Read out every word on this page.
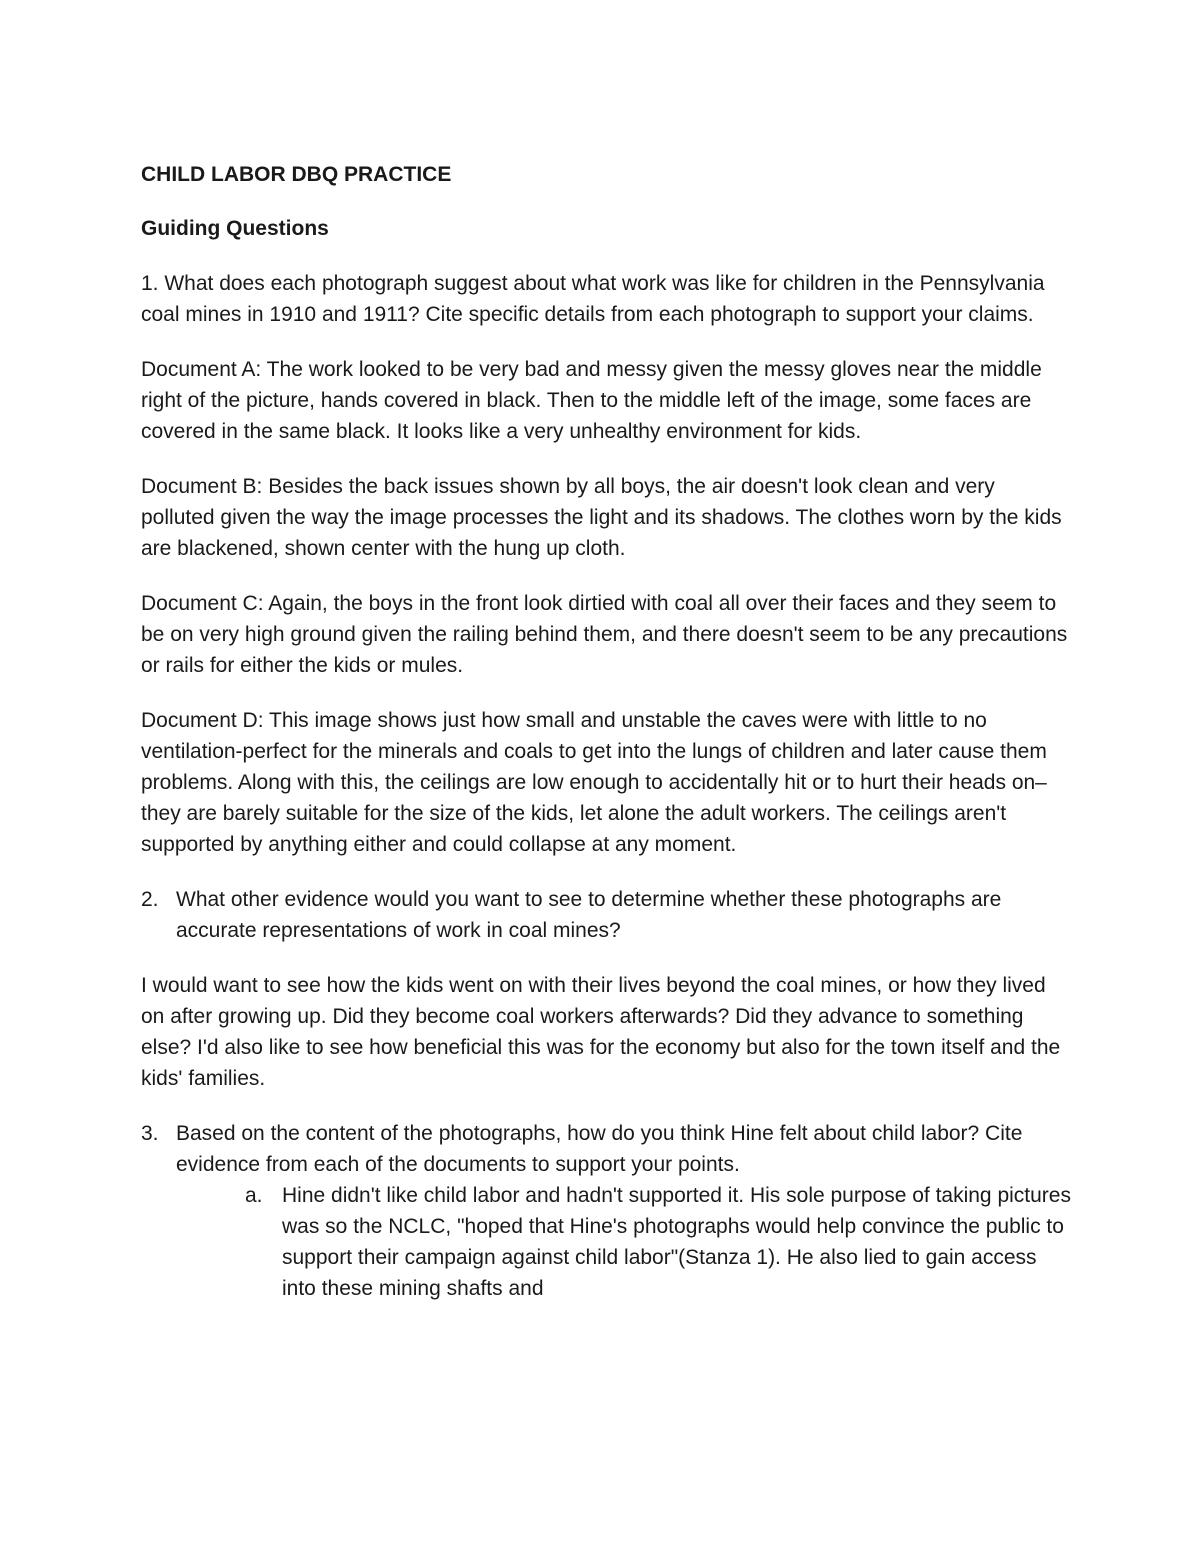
CHILD LABOR DBQ PRACTICE
Guiding Questions

1. What does each photograph suggest about what work was like for children in the Pennsylvania coal mines in 1910 and 1911? Cite specific details from each photograph to support your claims.

Document A: The work looked to be very bad and messy given the messy gloves near the middle right of the picture, hands covered in black. Then to the middle left of the image, some faces are covered in the same black. It looks like a very unhealthy environment for kids.

Document B: Besides the back issues shown by all boys, the air doesn't look clean and very polluted given the way the image processes the light and its shadows. The clothes worn by the kids are blackened, shown center with the hung up cloth.

Document C: Again, the boys in the front look dirtied with coal all over their faces and they seem to be on very high ground given the railing behind them, and there doesn't seem to be any precautions or rails for either the kids or mules.

Document D: This image shows just how small and unstable the caves were with little to no ventilation-perfect for the minerals and coals to get into the lungs of children and later cause them problems. Along with this, the ceilings are low enough to accidentally hit or to hurt their heads on–they are barely suitable for the size of the kids, let alone the adult workers. The ceilings aren't supported by anything either and could collapse at any moment.

2. What other evidence would you want to see to determine whether these photographs are accurate representations of work in coal mines?

I would want to see how the kids went on with their lives beyond the coal mines, or how they lived on after growing up. Did they become coal workers afterwards? Did they advance to something else? I'd also like to see how beneficial this was for the economy but also for the town itself and the kids' families.

3. Based on the content of the photographs, how do you think Hine felt about child labor? Cite evidence from each of the documents to support your points.
a. Hine didn't like child labor and hadn't supported it. His sole purpose of taking pictures was so the NCLC, "hoped that Hine's photographs would help convince the public to support their campaign against child labor"(Stanza 1). He also lied to gain access into these mining shafts and
